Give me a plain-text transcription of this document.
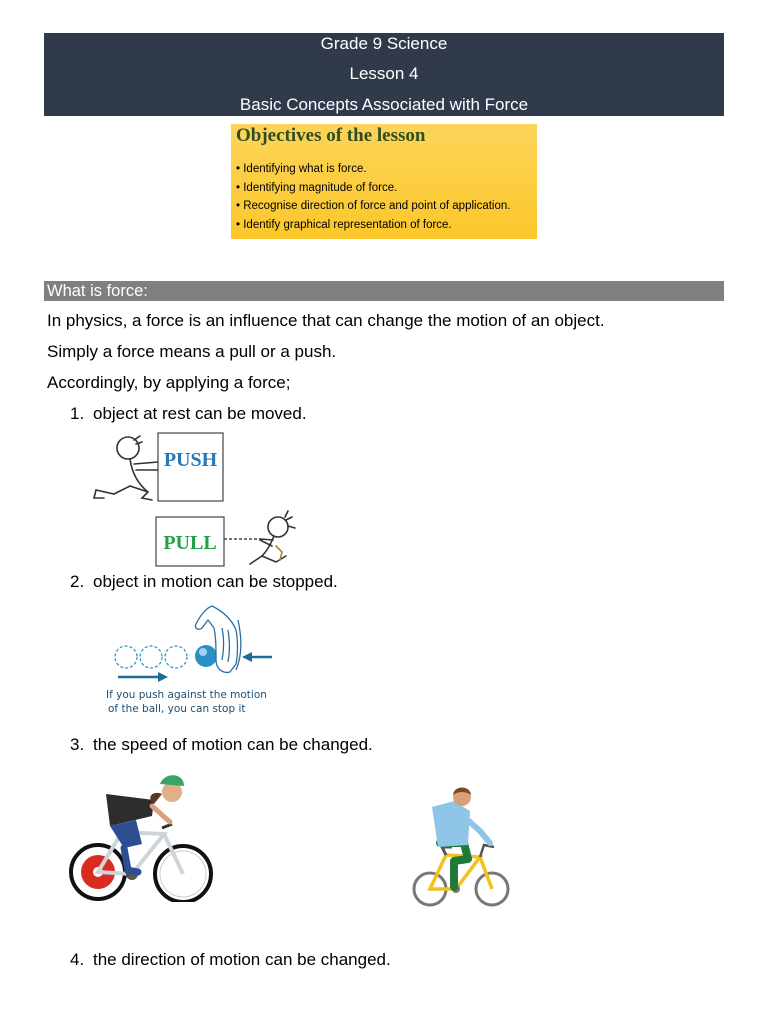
Grade 9 Science
Lesson 4
Basic Concepts Associated with Force
Objectives of the lesson
• Identifying what is force.
• Identifying magnitude of force.
• Recognise direction of force and point of application.
• Identify graphical representation of force.
What is force:
In physics, a force is an influence that can change the motion of an object.
Simply a force means a pull or a push.
Accordingly, by applying a force;
1. object at rest can be moved.
PUSH
PULL
2. object in motion can be stopped.
If you push against the motion
of the ball, you can stop it
3. the speed of motion can be changed.
4. the direction of motion can be changed.
